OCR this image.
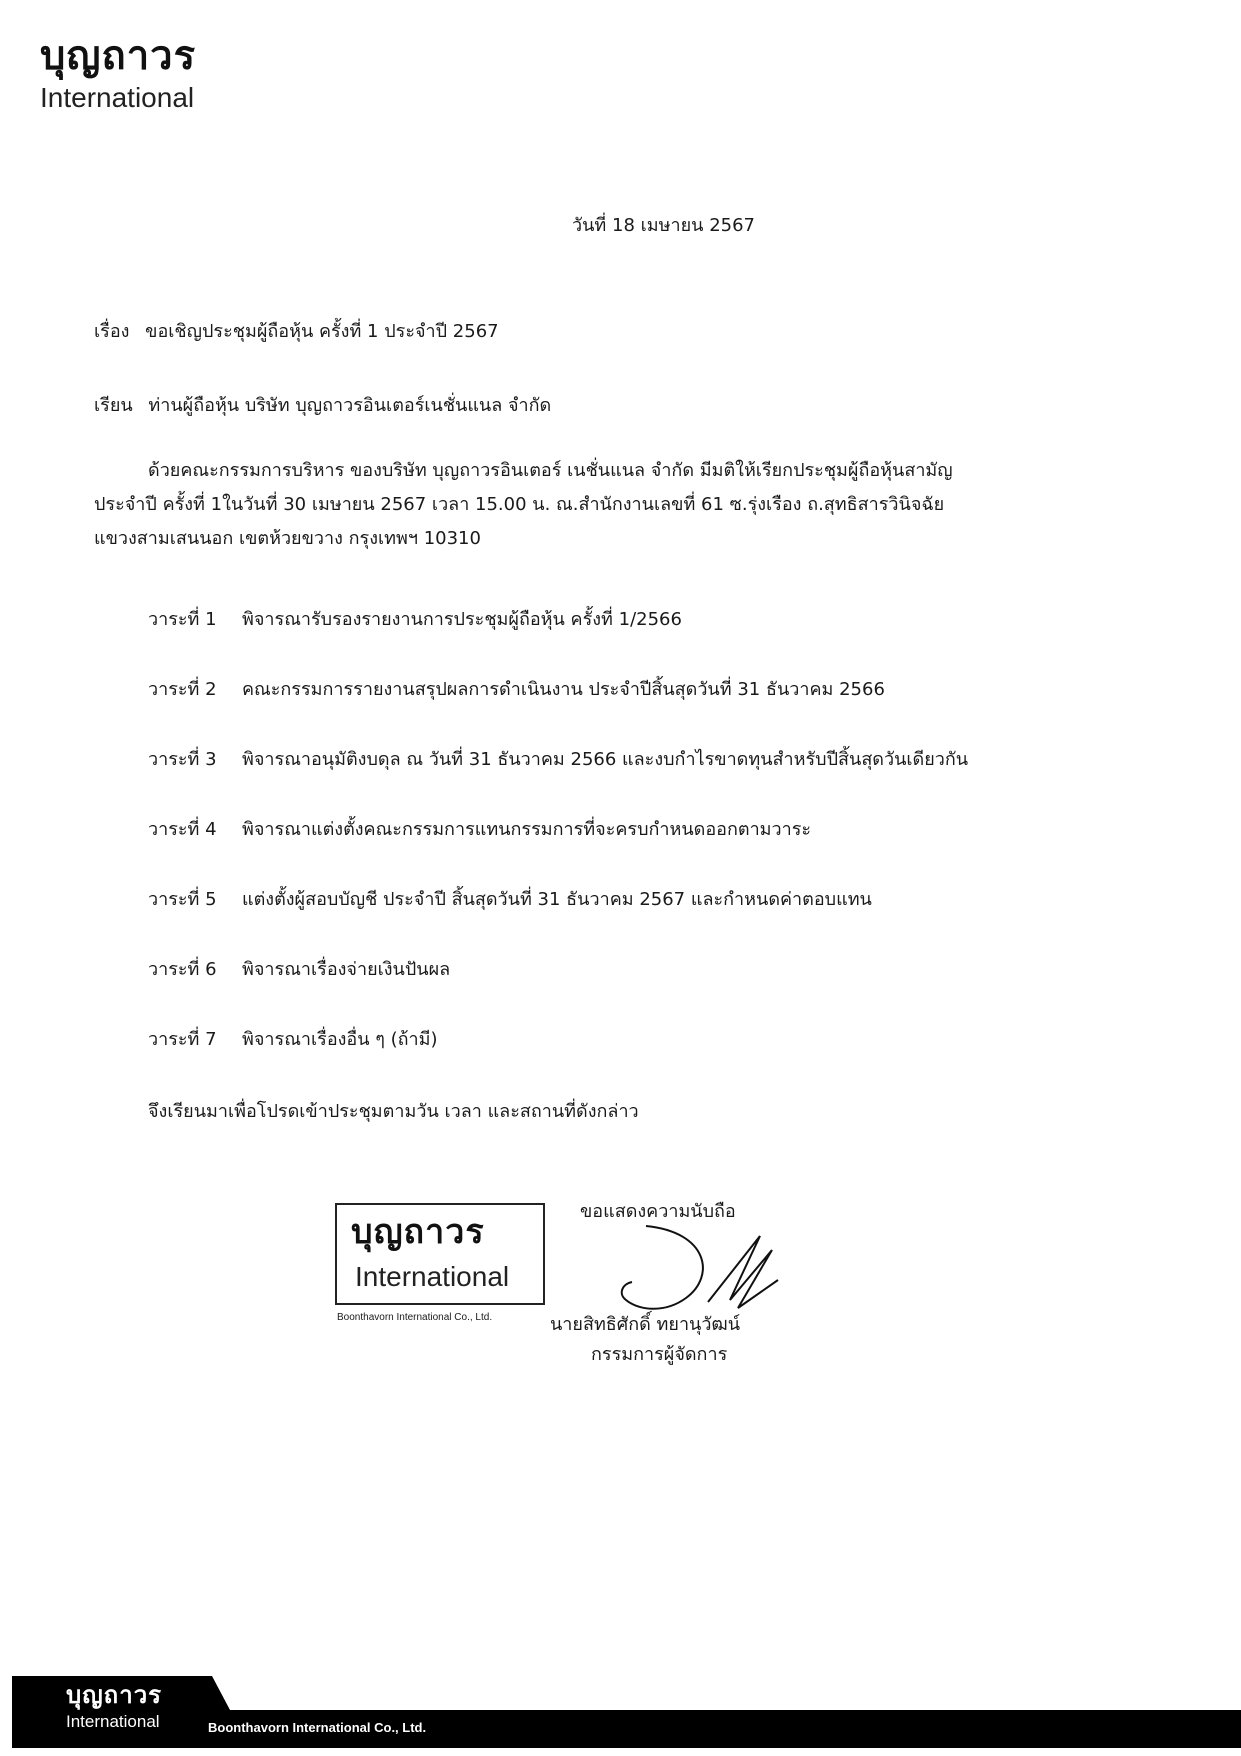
บุญถาวร
International
วันที่ 18 เมษายน 2567
เรื่อง ขอเชิญประชุมผู้ถือหุ้น ครั้งที่ 1 ประจำปี 2567
เรียน ท่านผู้ถือหุ้น บริษัท บุญถาวรอินเตอร์เนชั่นแนล จำกัด
ด้วยคณะกรรมการบริหาร ของบริษัท บุญถาวรอินเตอร์ เนชั่นแนล จำกัด มีมติให้เรียกประชุมผู้ถือหุ้นสามัญ
ประจำปี ครั้งที่ 1ในวันที่ 30 เมษายน 2567 เวลา 15.00 น. ณ.สำนักงานเลขที่ 61 ซ.รุ่งเรือง ถ.สุทธิสารวินิจฉัย
แขวงสามเสนนอก เขตห้วยขวาง กรุงเทพฯ 10310
วาระที่ 1 พิจารณารับรองรายงานการประชุมผู้ถือหุ้น ครั้งที่ 1/2566
วาระที่ 2 คณะกรรมการรายงานสรุปผลการดำเนินงาน ประจำปีสิ้นสุดวันที่ 31 ธันวาคม 2566
วาระที่ 3 พิจารณาอนุมัติงบดุล ณ วันที่ 31 ธันวาคม 2566 และงบกำไรขาดทุนสำหรับปีสิ้นสุดวันเดียวกัน
วาระที่ 4 พิจารณาแต่งตั้งคณะกรรมการแทนกรรมการที่จะครบกำหนดออกตามวาระ
วาระที่ 5 แต่งตั้งผู้สอบบัญชี ประจำปี สิ้นสุดวันที่ 31 ธันวาคม 2567 และกำหนดค่าตอบแทน
วาระที่ 6 พิจารณาเรื่องจ่ายเงินปันผล
วาระที่ 7 พิจารณาเรื่องอื่น ๆ (ถ้ามี)
จึงเรียนมาเพื่อโปรดเข้าประชุมตามวัน เวลา และสถานที่ดังกล่าว
ขอแสดงความนับถือ
บุญถาวร
International
Boonthavorn International Co., Ltd.	นายสิทธิศักดิ์ ทยานุวัฒน์
กรรมการผู้จัดการ
บุญถาวร
International	Boonthavorn International Co., Ltd.
